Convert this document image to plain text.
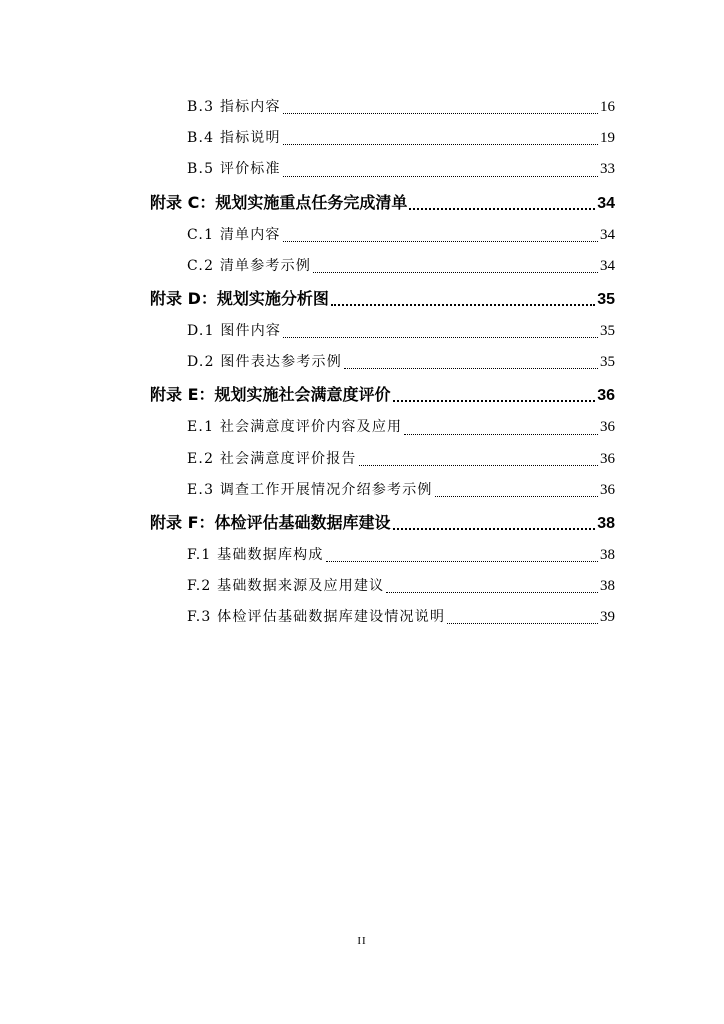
B.3 指标内容	16
B.4 指标说明	19
B.5 评价标准	33
附录 C：规划实施重点任务完成清单	34
C.1 清单内容	34
C.2 清单参考示例	34
附录 D：规划实施分析图	35
D.1 图件内容	35
D.2 图件表达参考示例	35
附录 E：规划实施社会满意度评价	36
E.1 社会满意度评价内容及应用	36
E.2 社会满意度评价报告	36
E.3 调查工作开展情况介绍参考示例	36
附录 F：体检评估基础数据库建设	38
F.1 基础数据库构成	38
F.2 基础数据来源及应用建议	38
F.3 体检评估基础数据库建设情况说明	39
II
